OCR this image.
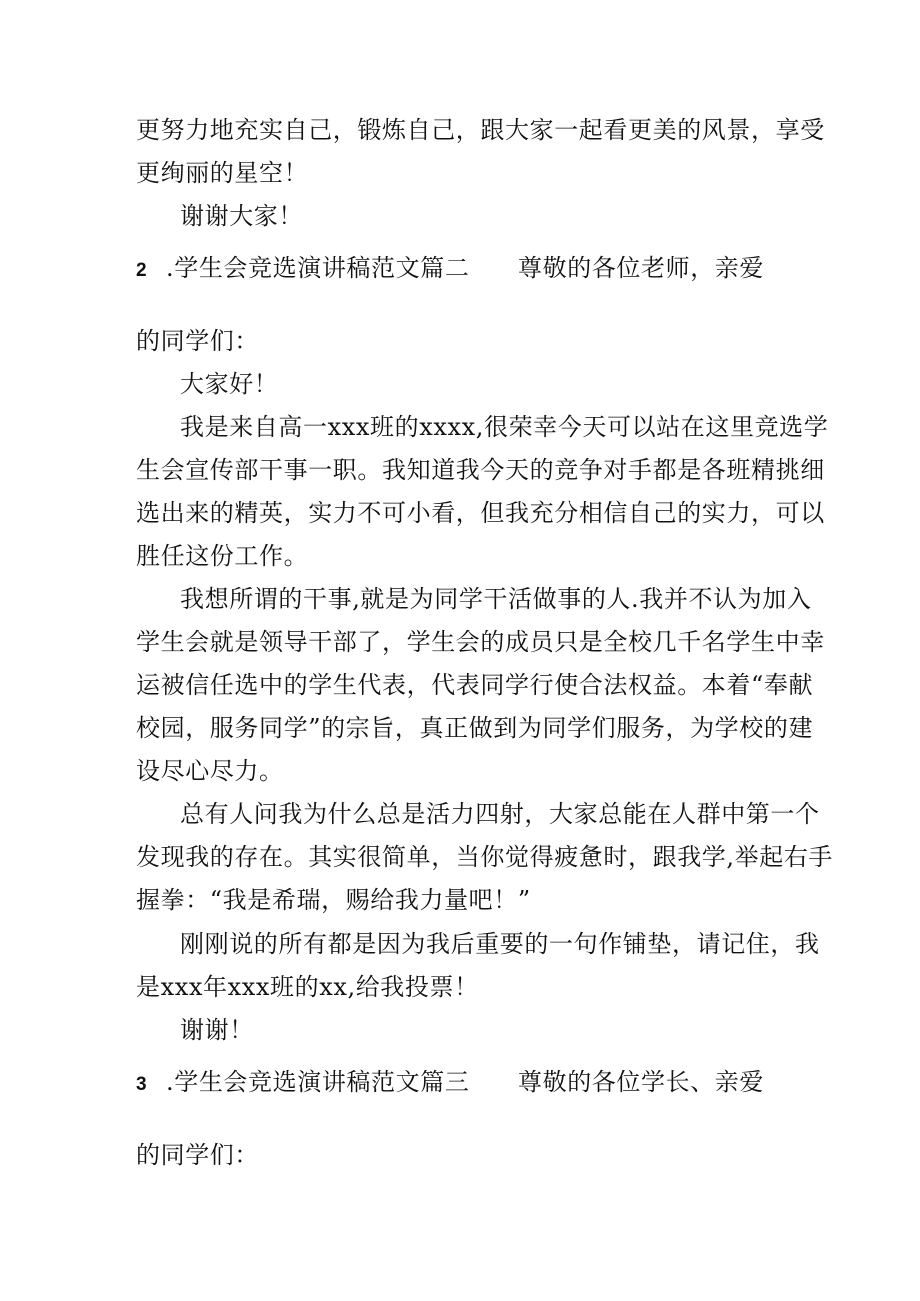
更努力地充实自己，锻炼自己，跟大家一起看更美的风景，享受
更绚丽的星空！
谢谢大家！
2 .学生会竞选演讲稿范文篇二 尊敬的各位老师，亲爱
的同学们：
大家好！
我是来自高一xxx班的xxxx,很荣幸今天可以站在这里竞选学
生会宣传部干事一职。我知道我今天的竞争对手都是各班精挑细
选出来的精英，实力不可小看，但我充分相信自己的实力，可以
胜任这份工作。
我想所谓的干事,就是为同学干活做事的人.我并不认为加入
学生会就是领导干部了，学生会的成员只是全校几千名学生中幸
运被信任选中的学生代表，代表同学行使合法权益。本着“奉献
校园，服务同学”的宗旨，真正做到为同学们服务，为学校的建
设尽心尽力。
总有人问我为什么总是活力四射，大家总能在人群中第一个
发现我的存在。其实很简单，当你觉得疲惫时，跟我学,举起右手
握拳：“我是希瑞，赐给我力量吧！”
刚刚说的所有都是因为我后重要的一句作铺垫，请记住，我
是xxx年xxx班的xx,给我投票！
谢谢！
3 .学生会竞选演讲稿范文篇三 尊敬的各位学长、亲爱
的同学们：
